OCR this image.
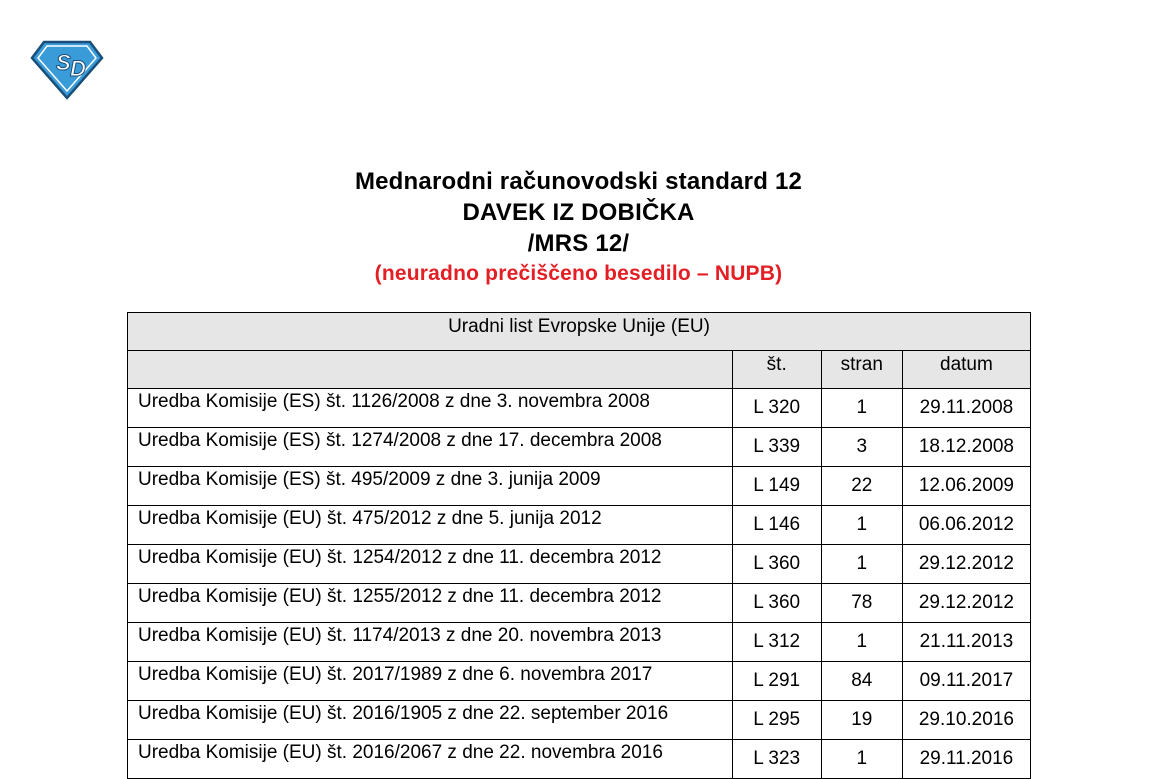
S D
Mednarodni računovodski standard 12
DAVEK IZ DOBIČKA
/MRS 12/
(neuradno prečiščeno besedilo – NUPB)
Uradni list Evropske Unije (EU)			
	št.	stran	datum
Uredba Komisije (ES) št. 1126/2008 z dne 3. novembra 2008	L 320	1	29.11.2008
Uredba Komisije (ES) št. 1274/2008 z dne 17. decembra 2008	L 339	3	18.12.2008
Uredba Komisije (ES) št. 495/2009 z dne 3. junija 2009	L 149	22	12.06.2009
Uredba Komisije (EU) št. 475/2012 z dne 5. junija 2012	L 146	1	06.06.2012
Uredba Komisije (EU) št. 1254/2012 z dne 11. decembra 2012	L 360	1	29.12.2012
Uredba Komisije (EU) št. 1255/2012 z dne 11. decembra 2012	L 360	78	29.12.2012
Uredba Komisije (EU) št. 1174/2013 z dne 20. novembra 2013	L 312	1	21.11.2013
Uredba Komisije (EU) št. 2017/1989 z dne 6. novembra 2017	L 291	84	09.11.2017
Uredba Komisije (EU) št. 2016/1905 z dne 22. september 2016	L 295	19	29.10.2016
Uredba Komisije (EU) št. 2016/2067 z dne 22. novembra 2016	L 323	1	29.11.2016
